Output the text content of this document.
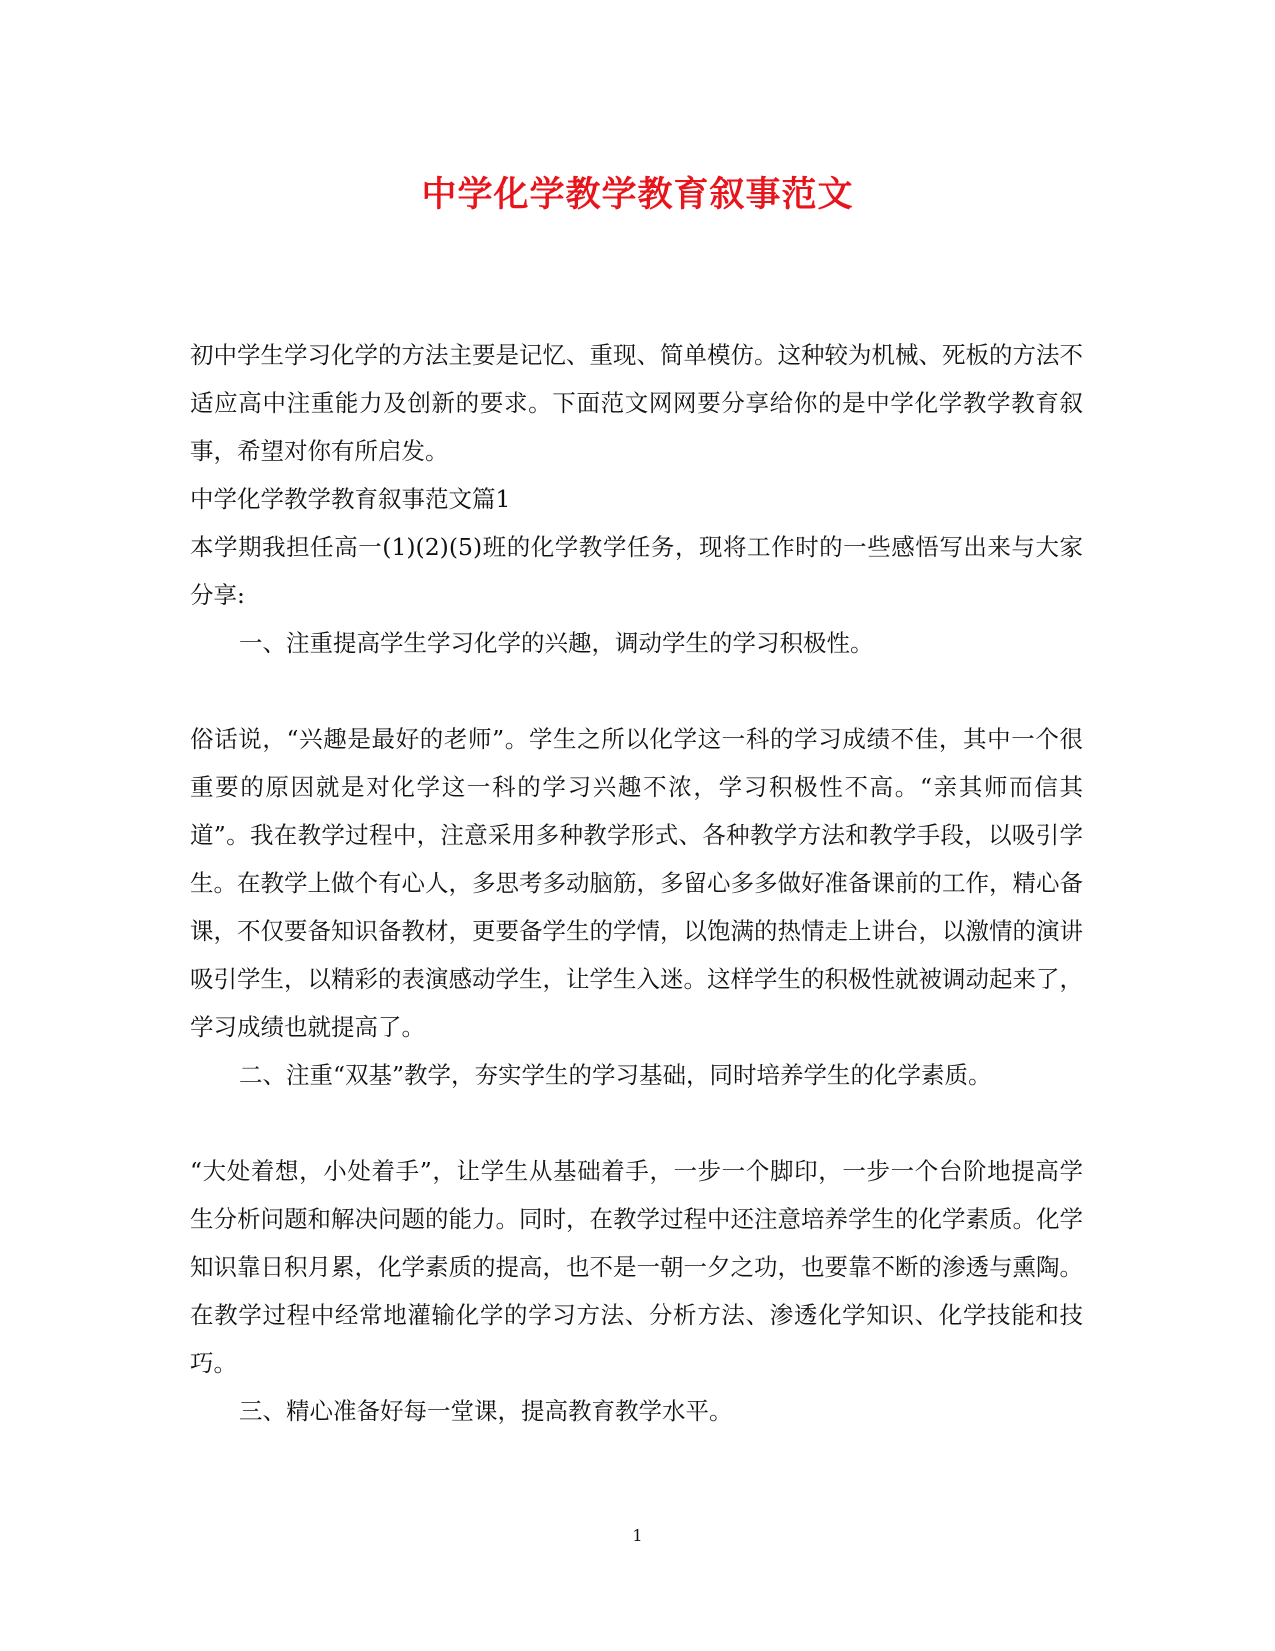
中学化学教学教育叙事范文

初中学生学习化学的方法主要是记忆、重现、简单模仿。这种较为机械、死板的方法不适应高中注重能力及创新的要求。下面范文网网要分享给你的是中学化学教学教育叙事，希望对你有所启发。

中学化学教学教育叙事范文篇1

本学期我担任高一(1)(2)(5)班的化学教学任务，现将工作时的一些感悟写出来与大家分享:

一、注重提高学生学习化学的兴趣，调动学生的学习积极性。

俗话说，“兴趣是最好的老师”。学生之所以化学这一科的学习成绩不佳，其中一个很重要的原因就是对化学这一科的学习兴趣不浓，学习积极性不高。“亲其师而信其道”。我在教学过程中，注意采用多种教学形式、各种教学方法和教学手段，以吸引学生。在教学上做个有心人，多思考多动脑筋，多留心多多做好准备课前的工作，精心备课，不仅要备知识备教材，更要备学生的学情，以饱满的热情走上讲台，以激情的演讲吸引学生，以精彩的表演感动学生，让学生入迷。这样学生的积极性就被调动起来了，学习成绩也就提高了。

二、注重“双基”教学，夯实学生的学习基础，同时培养学生的化学素质。

“大处着想，小处着手”，让学生从基础着手，一步一个脚印，一步一个台阶地提高学生分析问题和解决问题的能力。同时，在教学过程中还注意培养学生的化学素质。化学知识靠日积月累，化学素质的提高，也不是一朝一夕之功，也要靠不断的渗透与熏陶。在教学过程中经常地灌输化学的学习方法、分析方法、渗透化学知识、化学技能和技巧。

三、精心准备好每一堂课，提高教育教学水平。

1
